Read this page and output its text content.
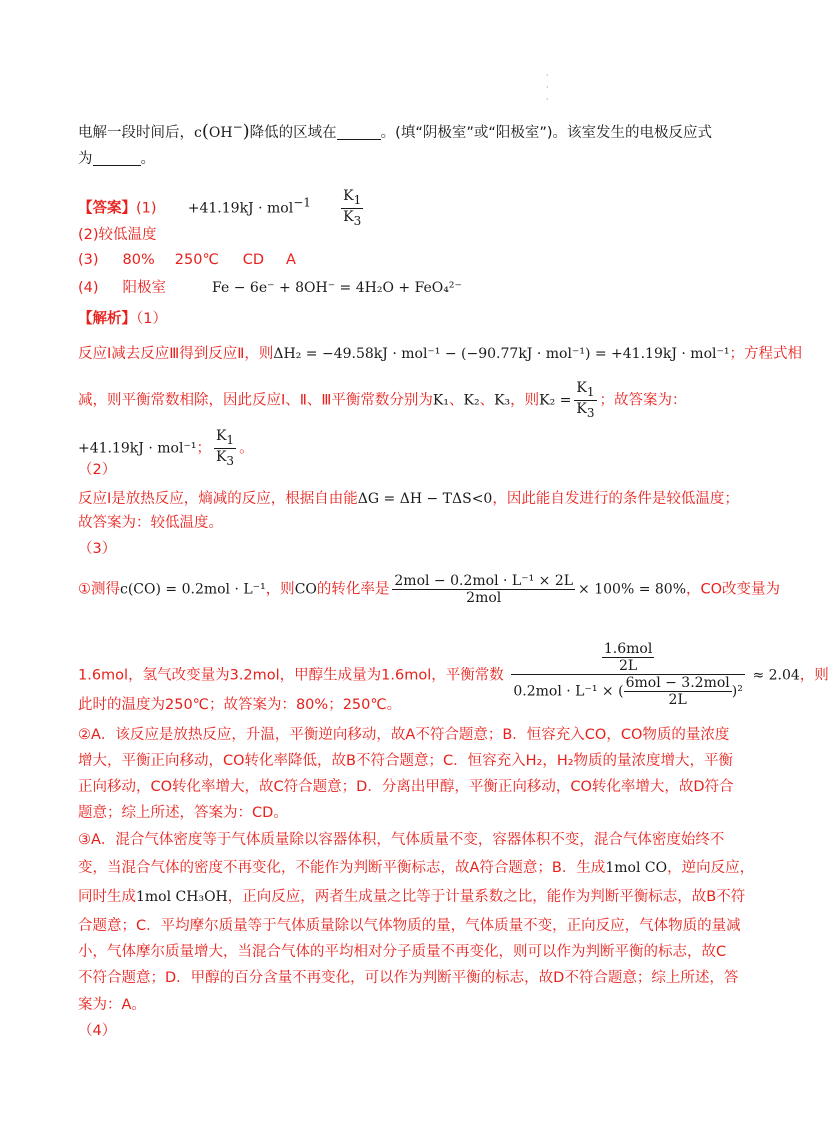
·
·
·
电解一段时间后，c(OH−)降低的区域在	。(填“阴极室”或“阳极室”)。该室发生的电极反应式
为	。
【答案】$(1) +41.19kJ \cdot mol^{-1} \frac{K_1}{K_3}$
(2)较低温度
(3) 80% 250℃ CD A
(4) 阳极室	Fe − 6e⁻ + 8OH⁻ = 4H₂O + FeO₄²⁻
【解析】（1）
反应Ⅰ减去反应Ⅲ得到反应Ⅱ，则ΔH₂ = −49.58kJ · mol⁻¹ − (−90.77kJ · mol⁻¹) = +41.19kJ · mol⁻¹；方程式相
减，则平衡常数相除，因此反应Ⅰ、Ⅱ、Ⅲ平衡常数分别为K₁、K₂、K₃，则$K_2 = \frac{K_1}{K_3}$ ；故答案为：
+41.19kJ · mol⁻¹； $\frac{K_1}{K_3}$ 。
（2）
反应Ⅰ是放热反应，熵减的反应，根据自由能ΔG = ΔH − TΔS<0，因此能自发进行的条件是较低温度；
故答案为：较低温度。
（3）
①测得c(CO) = 0.2mol · L⁻¹，则CO的转化率是 $\frac{\text{2mol − 0.2mol · L⁻¹ × 2L}}{\text{2mol}} \times 100\% = 80\%$，CO改变量为
1.6mol，氢气改变量为3.2mol，甲醇生成量为1.6mol，平衡常数 $\frac{\frac{\text{1.6mol}}{2L}}{0.2mol \cdot L^{-1} \times ( \frac{\text{6mol − 3.2mol}}{2L} )^2} \approx 2.04$，则
此时的温度为250℃；故答案为：80%；250℃。
②A．该反应是放热反应，升温，平衡逆向移动，故A不符合题意；B．恒容充入CO，CO物质的量浓度
增大，平衡正向移动，CO转化率降低，故B不符合题意；C．恒容充入H₂，H₂物质的量浓度增大，平衡
正向移动，CO转化率增大，故C符合题意；D．分离出甲醇，平衡正向移动，CO转化率增大，故D符合
题意；综上所述，答案为：CD。
③A．混合气体密度等于气体质量除以容器体积，气体质量不变，容器体积不变，混合气体密度始终不
变，当混合气体的密度不再变化，不能作为判断平衡标志，故A符合题意；B．生成1mol CO，逆向反应，
同时生成1mol CH₃OH，正向反应，两者生成量之比等于计量系数之比，能作为判断平衡标志，故B不符
合题意；C．平均摩尔质量等于气体质量除以气体物质的量，气体质量不变，正向反应，气体物质的量减
小，气体摩尔质量增大，当混合气体的平均相对分子质量不再变化，则可以作为判断平衡的标志，故C
不符合题意；D．甲醇的百分含量不再变化，可以作为判断平衡的标志，故D不符合题意；综上所述，答
案为：A。
（4）
